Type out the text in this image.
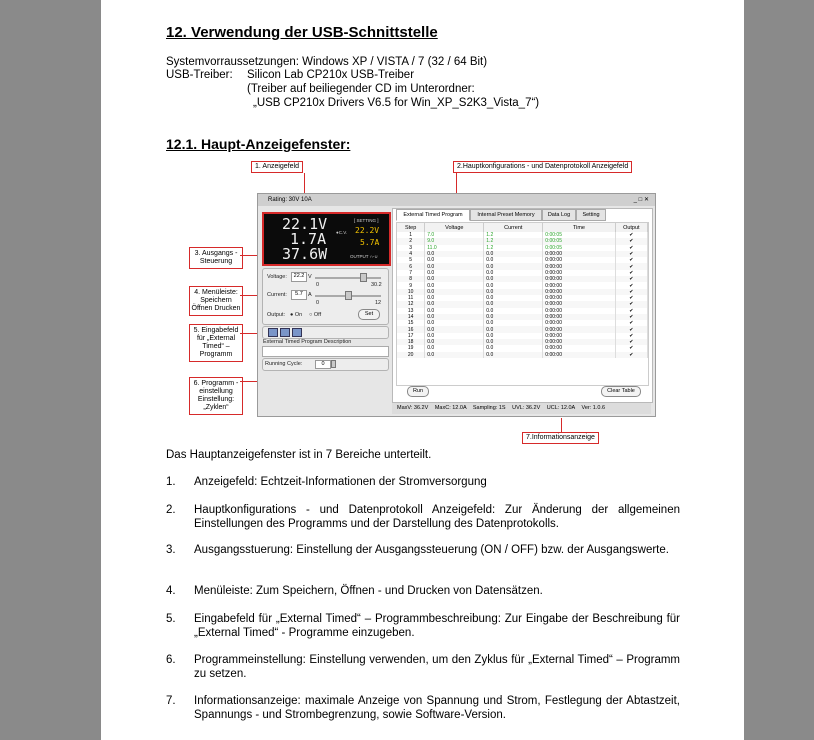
12. Verwendung der USB-Schnittstelle
Systemvorraussetzungen: Windows XP / VISTA / 7 (32 / 64 Bit)
USB-Treiber: Silicon Lab CP210x USB-Treiber
(Treiber auf beiliegender CD im Unterordner:
„USB CP210x Drivers V6.5 for Win_XP_S2K3_Vista_7“)
12.1. Haupt-Anzeigefenster:
1. Anzeigefeld	2.Hauptkonfigurations - und Datenprotokoll Anzeigefeld
3. Ausgangs - Steuerung
4. Menüleiste: Speichern Öffnen Drucken
5. Eingabefeld für „External Timed“ – Programm
6. Programm - einstellung Einstellung: „Zyklen“
7.Informationsanzeige
Rating: 30V 10A	_ □ ✕
22.1V
1.7A
37.6W
[ SETTING ]
●C.V. 22.2V
5.7A
OUTPUT ∩-∪
Voltage:	22.2 V
0	30.2
Current:	5.7 A
0	12
Output: ● On ○ Off	Set
External Timed Program Description
Running Cycle:	0
External Timed Program	Internal Preset Memory	Data Log	Setting
Step	Voltage	Current	Time	Output
1	7.0	1.2	0:00:05	✔
2	9.0	1.2	0:00:05	✔
3	11.0	1.2	0:00:05	✔
4	0.0	0.0	0:00:00	✔
5	0.0	0.0	0:00:00	✔
6	0.0	0.0	0:00:00	✔
7	0.0	0.0	0:00:00	✔
8	0.0	0.0	0:00:00	✔
9	0.0	0.0	0:00:00	✔
10	0.0	0.0	0:00:00	✔
11	0.0	0.0	0:00:00	✔
12	0.0	0.0	0:00:00	✔
13	0.0	0.0	0:00:00	✔
14	0.0	0.0	0:00:00	✔
15	0.0	0.0	0:00:00	✔
16	0.0	0.0	0:00:00	✔
17	0.0	0.0	0:00:00	✔
18	0.0	0.0	0:00:00	✔
19	0.0	0.0	0:00:00	✔
20	0.0	0.0	0:00:00	✔
Run	Clear Table
MaxV: 36.2V MaxC: 12.0A Sampling: 1S UVL: 36.2V UCL: 12.0A Ver: 1.0.6
Das Hauptanzeigefenster ist in 7 Bereiche unterteilt.
1. Anzeigefeld: Echtzeit-Informationen der Stromversorgung
2. Hauptkonfigurations - und Datenprotokoll Anzeigefeld: Zur Änderung der allgemeinen Einstellungen des Programms und der Darstellung des Datenprotokolls.
3. Ausgangsstuerung: Einstellung der Ausgangssteuerung (ON / OFF) bzw. der Ausgangswerte.
4. Menüleiste: Zum Speichern, Öffnen - und Drucken von Datensätzen.
5. Eingabefeld für „External Timed“ – Programmbeschreibung: Zur Eingabe der Beschreibung für „External Timed“ - Programme einzugeben.
6. Programmeinstellung: Einstellung verwenden, um den Zyklus für „External Timed“ – Programm zu setzen.
7. Informationsanzeige: maximale Anzeige von Spannung und Strom, Festlegung der Abtastzeit, Spannungs - und Strombegrenzung, sowie Software-Version.
